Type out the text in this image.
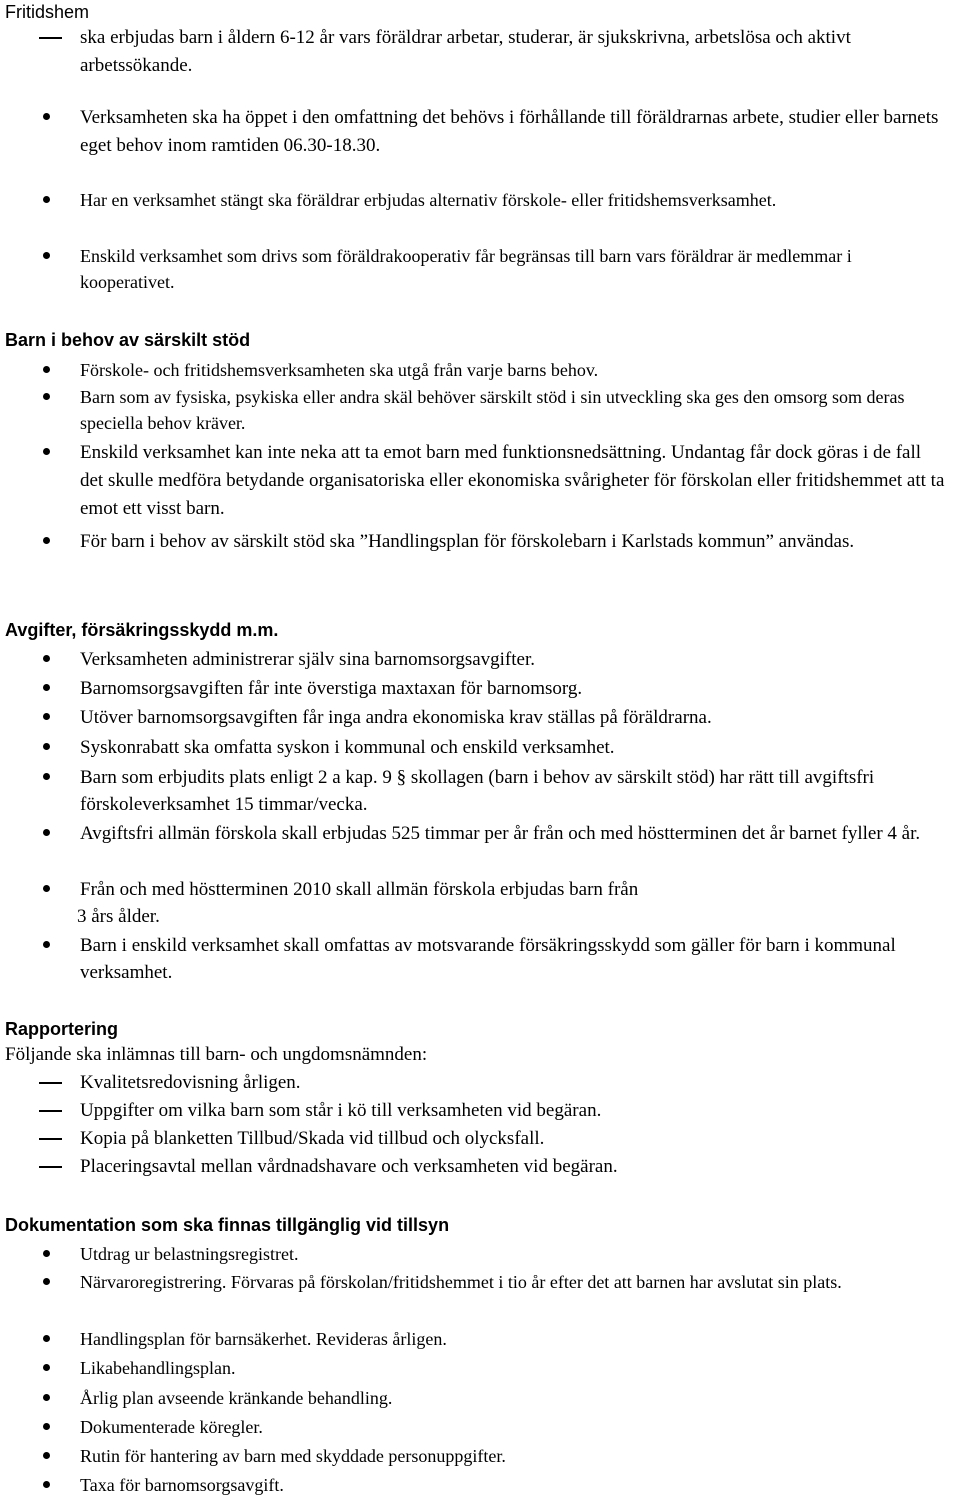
Fritidshem
ska erbjudas barn i åldern 6-12 år vars föräldrar arbetar, studerar, är sjukskrivna, arbetslösa och aktivt arbetssökande.
Verksamheten ska ha öppet i den omfattning det behövs i förhållande till föräldrarnas arbete, studier eller barnets eget behov inom ramtiden 06.30-18.30.
Har en verksamhet stängt ska föräldrar erbjudas alternativ förskole- eller fritidshemsverksamhet.
Enskild verksamhet som drivs som föräldrakooperativ får begränsas till barn vars föräldrar är medlemmar i kooperativet.
Barn i behov av särskilt stöd
Förskole- och fritidshemsverksamheten ska utgå från varje barns behov.
Barn som av fysiska, psykiska eller andra skäl behöver särskilt stöd i sin utveckling ska ges den omsorg som deras speciella behov kräver.
Enskild verksamhet kan inte neka att ta emot barn med funktionsnedsättning. Undantag får dock göras i de fall det skulle medföra betydande organisatoriska eller ekonomiska svårigheter för förskolan eller fritidshemmet att ta emot ett visst barn.
För barn i behov av särskilt stöd ska ”Handlingsplan för förskolebarn i Karlstads kommun” användas.
Avgifter, försäkringsskydd m.m.
Verksamheten administrerar själv sina barnomsorgsavgifter.
Barnomsorgsavgiften får inte överstiga maxtaxan för barnomsorg.
Utöver barnomsorgsavgiften får inga andra ekonomiska krav ställas på föräldrarna.
Syskonrabatt ska omfatta syskon i kommunal och enskild verksamhet.
Barn som erbjudits plats enligt 2 a kap. 9 § skollagen (barn i behov av särskilt stöd) har rätt till avgiftsfri förskoleverksamhet 15 timmar/vecka.
Avgiftsfri allmän förskola skall erbjudas 525 timmar per år från och med höstterminen det år barnet fyller 4 år.
Från och med höstterminen 2010 skall allmän förskola erbjudas barn från
3 års ålder.
Barn i enskild verksamhet skall omfattas av motsvarande försäkringsskydd som gäller för barn i kommunal verksamhet.
Rapportering
Följande ska inlämnas till barn- och ungdomsnämnden:
Kvalitetsredovisning årligen.
Uppgifter om vilka barn som står i kö till verksamheten vid begäran.
Kopia på blanketten Tillbud/Skada vid tillbud och olycksfall.
Placeringsavtal mellan vårdnadshavare och verksamheten vid begäran.
Dokumentation som ska finnas tillgänglig vid tillsyn
Utdrag ur belastningsregistret.
Närvaroregistrering. Förvaras på förskolan/fritidshemmet i tio år efter det att barnen har avslutat sin plats.
Handlingsplan för barnsäkerhet. Revideras årligen.
Likabehandlingsplan.
Årlig plan avseende kränkande behandling.
Dokumenterade köregler.
Rutin för hantering av barn med skyddade personuppgifter.
Taxa för barnomsorgsavgift.
